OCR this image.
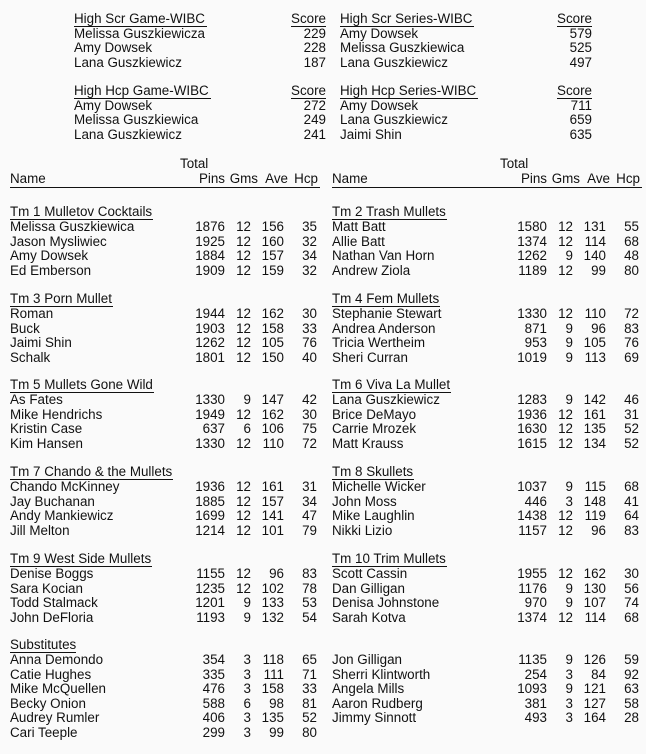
High Scr Game-WIBC	Score
Melissa Guszkiewicza	229
Amy Dowsek	228
Lana Guszkiewicz	187
High Scr Series-WIBC	Score
Amy Dowsek	579
Melissa Guszkiewica	525
Lana Guszkiewicz	497
High Hcp Game-WIBC	Score
Amy Dowsek	272
Melissa Guszkiewica	249
Lana Guszkiewicz	241
High Hcp Series-WIBC	Score
Amy Dowsek	711
Lana Guszkiewicz	659
Jaimi Shin	635
Total
Name	Pins Gms Ave Hcp
Total
Name	Pins Gms Ave Hcp
Tm 1 Mulletov Cocktails
Melissa Guszkiewica	1876 12 156 35
Jason Mysliwiec	1925 12 160 32
Amy Dowsek	1884 12 157 34
Ed Emberson	1909 12 159 32
Tm 2 Trash Mullets
Matt Batt	1580 12 131 55
Allie Batt	1374 12 114 68
Nathan Van Horn	1262 9 140 48
Andrew Ziola	1189 12 99 80
Tm 3 Porn Mullet
Roman	1944 12 162 30
Buck	1903 12 158 33
Jaimi Shin	1262 12 105 76
Schalk	1801 12 150 40
Tm 4 Fem Mullets
Stephanie Stewart	1330 12 110 72
Andrea Anderson	871 9 96 83
Tricia Wertheim	953 9 105 76
Sheri Curran	1019 9 113 69
Tm 5 Mullets Gone Wild
As Fates	1330 9 147 42
Mike Hendrichs	1949 12 162 30
Kristin Case	637 6 106 75
Kim Hansen	1330 12 110 72
Tm 6 Viva La Mullet
Lana Guszkiewicz	1283 9 142 46
Brice DeMayo	1936 12 161 31
Carrie Mrozek	1630 12 135 52
Matt Krauss	1615 12 134 52
Tm 7 Chando & the Mullets
Chando McKinney	1936 12 161 31
Jay Buchanan	1885 12 157 34
Andy Mankiewicz	1699 12 141 47
Jill Melton	1214 12 101 79
Tm 8 Skullets
Michelle Wicker	1037 9 115 68
John Moss	446 3 148 41
Mike Laughlin	1438 12 119 64
Nikki Lizio	1157 12 96 83
Tm 9 West Side Mullets
Denise Boggs	1155 12 96 83
Sara Kocian	1235 12 102 78
Todd Stalmack	1201 9 133 53
John DeFloria	1193 9 132 54
Tm 10 Trim Mullets
Scott Cassin	1955 12 162 30
Dan Gilligan	1176 9 130 56
Denisa Johnstone	970 9 107 74
Sarah Kotva	1374 12 114 68
Substitutes
Anna Demondo	354 3 118 65
Catie Hughes	335 3 111 71
Mike McQuellen	476 3 158 33
Becky Onion	588 6 98 81
Audrey Rumler	406 3 135 52
Cari Teeple	299 3 99 80
Jon Gilligan	1135 9 126 59
Sherri Klintworth	254 3 84 92
Angela Mills	1093 9 121 63
Aaron Rudberg	381 3 127 58
Jimmy Sinnott	493 3 164 28
